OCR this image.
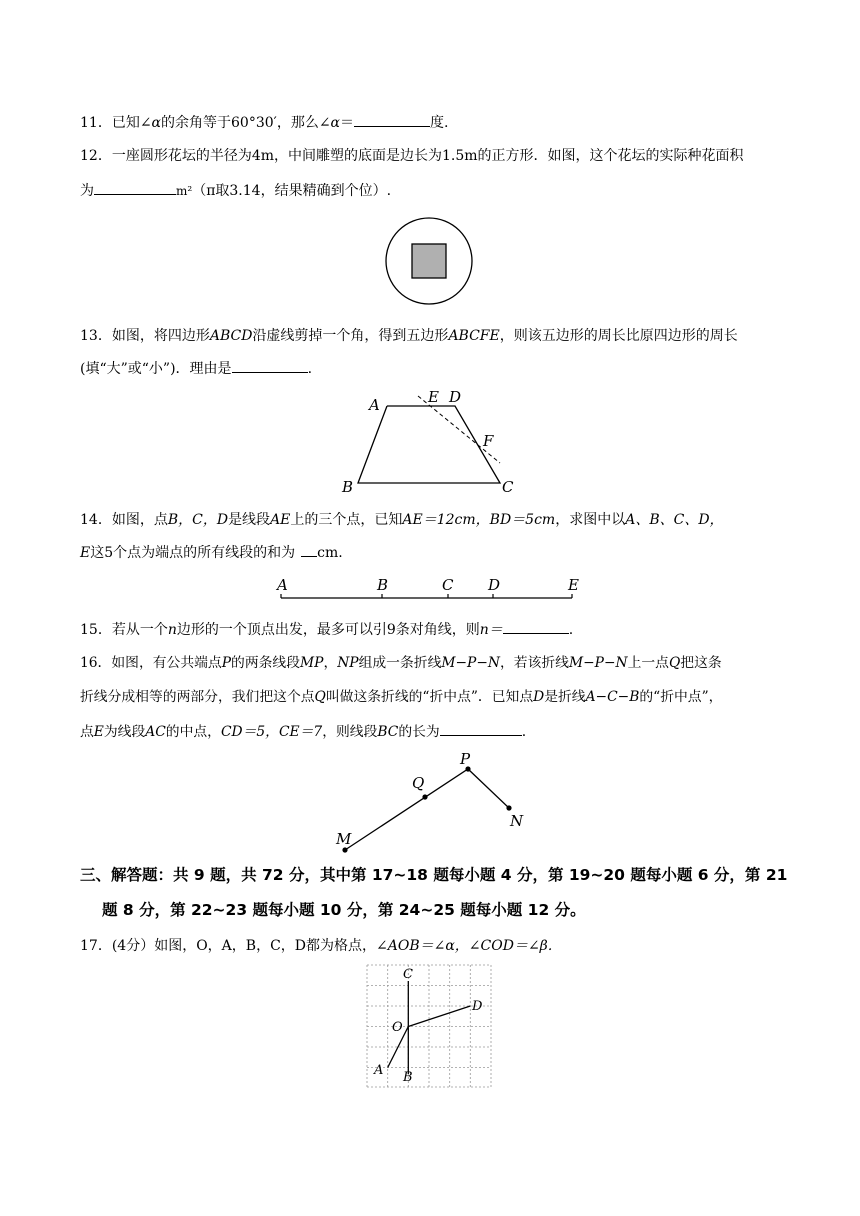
11．已知∠α的余角等于60°30′，那么∠α＝	度.
12．一座圆形花坛的半径为4m，中间雕塑的底面是边长为1.5m的正方形．如图，这个花坛的实际种花面积
为	m²（π取3.14，结果精确到个位）.
13．如图，将四边形ABCD沿虚线剪掉一个角，得到五边形ABCFE，则该五边形的周长比原四边形的周长
(填“大”或“小”)．理由是	.
A	E D
F
B	C
14．如图，点B，C，D是线段AE上的三个点，已知AE＝12cm，BD＝5cm，求图中以A、B、C、D，
E这5个点为端点的所有线段的和为 cm.
A	B	C D	E
15．若从一个n边形的一个顶点出发，最多可以引9条对角线，则n＝	.
16．如图，有公共端点P的两条线段MP，NP组成一条折线M−P−N，若该折线M−P−N上一点Q把这条
折线分成相等的两部分，我们把这个点Q叫做这条折线的“折中点”．已知点D是折线A−C−B的“折中点”，
点E为线段AC的中点，CD＝5，CE＝7，则线段BC的长为	.
P
Q
M
N
三、解答题：共 9 题，共 72 分，其中第 17~18 题每小题 4 分，第 19~20 题每小题 6 分，第 21
题 8 分，第 22~23 题每小题 10 分，第 24~25 题每小题 12 分。
17．(4分）如图，O，A，B，C，D都为格点，∠AOB＝∠α，∠COD＝∠β．
C
D
O
A B
